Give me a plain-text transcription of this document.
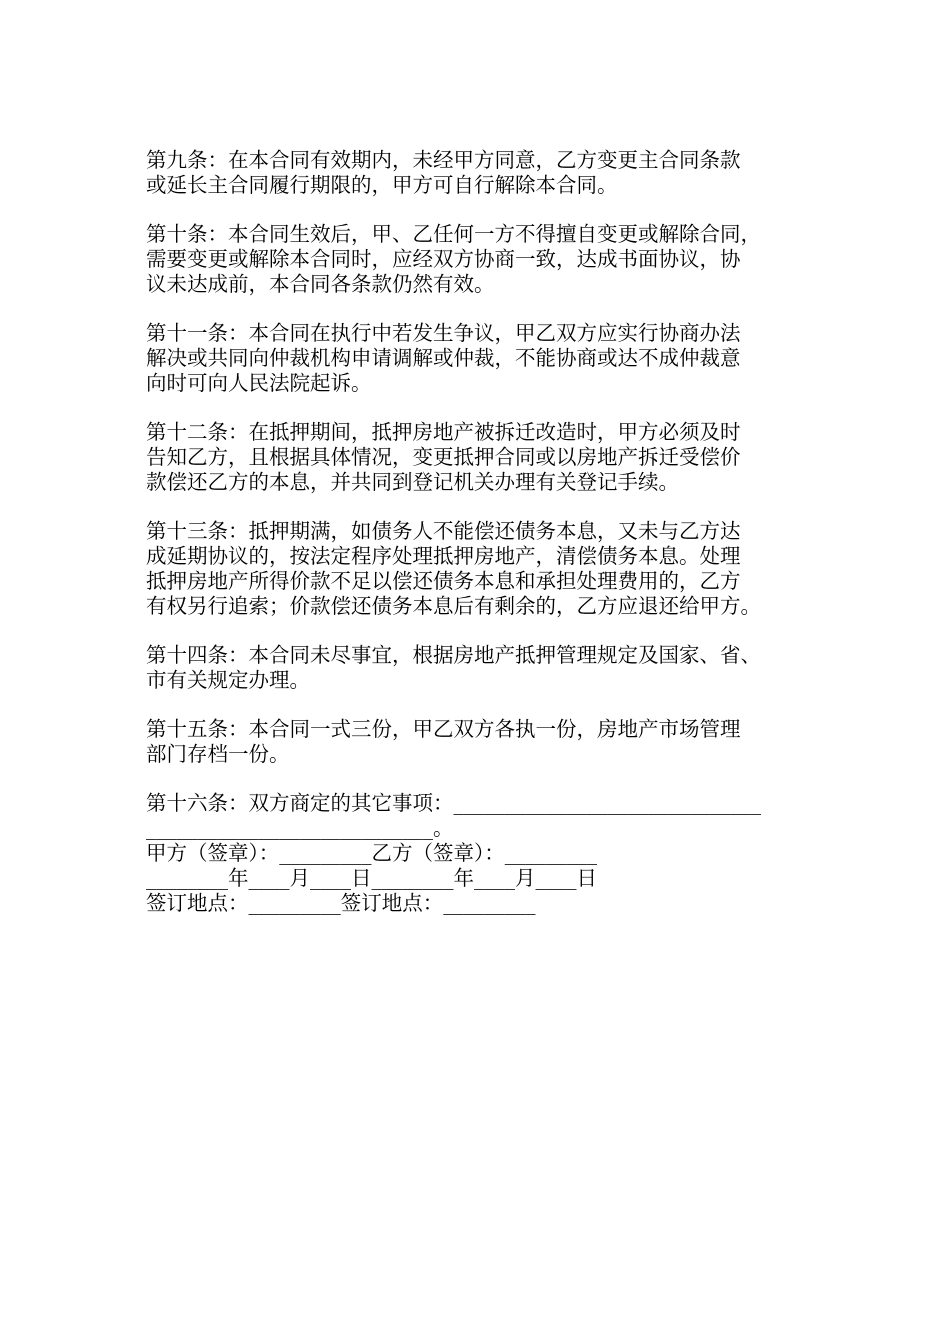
第九条：在本合同有效期内，未经甲方同意，乙方变更主合同条款
或延长主合同履行期限的，甲方可自行解除本合同。
第十条：本合同生效后，甲、乙任何一方不得擅自变更或解除合同，
需要变更或解除本合同时，应经双方协商一致，达成书面协议，协
议未达成前，本合同各条款仍然有效。
第十一条：本合同在执行中若发生争议，甲乙双方应实行协商办法
解决或共同向仲裁机构申请调解或仲裁，不能协商或达不成仲裁意
向时可向人民法院起诉。
第十二条：在抵押期间，抵押房地产被拆迁改造时，甲方必须及时
告知乙方，且根据具体情况，变更抵押合同或以房地产拆迁受偿价
款偿还乙方的本息，并共同到登记机关办理有关登记手续。
第十三条：抵押期满，如债务人不能偿还债务本息，又未与乙方达
成延期协议的，按法定程序处理抵押房地产，清偿债务本息。处理
抵押房地产所得价款不足以偿还债务本息和承担处理费用的，乙方
有权另行追索；价款偿还债务本息后有剩余的，乙方应退还给甲方。
第十四条：本合同未尽事宜，根据房地产抵押管理规定及国家、省、
市有关规定办理。
第十五条：本合同一式三份，甲乙双方各执一份，房地产市场管理
部门存档一份。
第十六条：双方商定的其它事项：______________________________
____________________________。
甲方（签章）：_________乙方（签章）：_________
________年____月____日________年____月____日
签订地点：_________签订地点：_________
